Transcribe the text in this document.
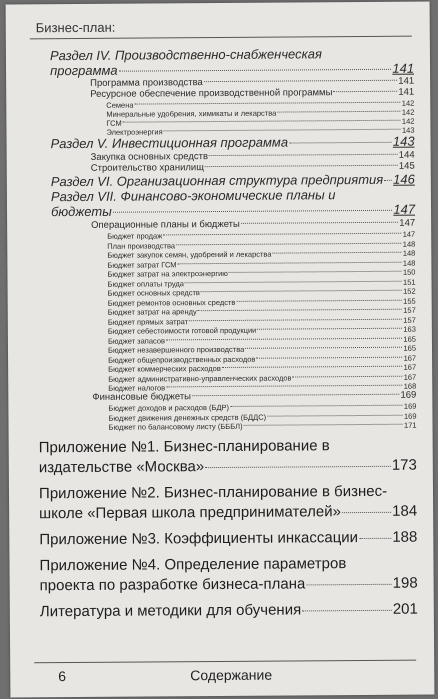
Бизнес-план:
Раздел IV. Производственно-снабженческая
программа	141
Программа производства	141
Ресурсное обеспечение производственной программы	141
Семена	142
Минеральные удобрения, химикаты и лекарства	142
ГСМ	142
Электроэнергия	143
Раздел V. Инвестиционная программа	143
Закупка основных средств	144
Строительство хранилищ	145
Раздел VI. Организационная структура предприятия 146
Раздел VII. Финансово-экономические планы и
бюджеты	147
Операционные планы и бюджеты	147
Бюджет продаж	147
План производства	148
Бюджет закупок семян, удобрений и лекарства	148
Бюджет затрат ГСМ	148
Бюджет затрат на электроэнергию	150
Бюджет оплаты труда	151
Бюджет основных средств	152
Бюджет ремонтов основных средств	155
Бюджет затрат на аренду	157
Бюджет прямых затрат	157
Бюджет себестоимости готовой продукции	163
Бюджет запасов	165
Бюджет незавершенного производства	165
Бюджет общепроизводственных расходов	167
Бюджет коммерческих расходов	167
Бюджет административно-управленческих расходов	167
Бюджет налогов	168
Финансовые бюджеты	169
Бюджет доходов и расходов (БДР)	169
Бюджет движения денежных средств (БДДС)	169
Бюджет по балансовому листу (БББЛ)	171
Приложение №1. Бизнес-планирование в
издательстве «Москва»	173
Приложение №2. Бизнес-планирование в бизнес-
школе «Первая школа предпринимателей»	184
Приложение №3. Коэффициенты инкассации 188
Приложение №4. Определение параметров
проекта по разработке бизнеса-плана	198
Литература и методики для обучения	201
6	Содержание
